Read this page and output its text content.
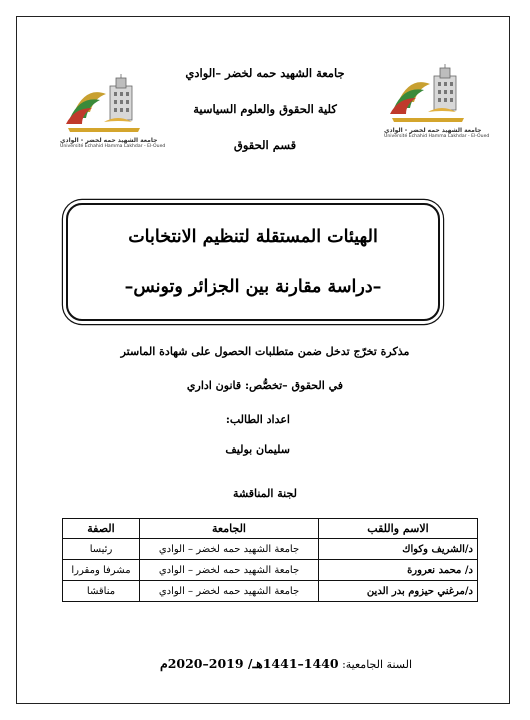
جامعة الشهيد حمه لخضر - الوادي
Université Echahid Hamma Lakhdar - El-Oued
جامعة الشهيد حمه لخضر - الوادي
Université Echahid Hamma Lakhdar - El-Oued
جامعة الشهيد حمه لخضر –الوادي
كلية الحقوق والعلوم السياسية
قسم الحقوق
الهيئات المستقلة لتنظيم الانتخابات
–دراسة مقارنة بين الجزائر وتونس–
مذكرة تخرّج تدخل ضمن متطلبات الحصول على شهادة الماستر
في الحقوق –تخصُّص: قانون اداري
اعداد الطالب:
سليمان بوليف
لجنة المناقشة
الاسم واللقب	الجامعة	الصفة
د/الشريف وكواك	جامعة الشهيد حمه لخضر – الوادي	رئيسا
د/ محمد نعرورة	جامعة الشهيد حمه لخضر – الوادي	مشرفا ومقررا
د/مرغني حيزوم بدر الدين	جامعة الشهيد حمه لخضر – الوادي	مناقشا
السنة الجامعية: 1440–1441هـ/ 2019–2020م
